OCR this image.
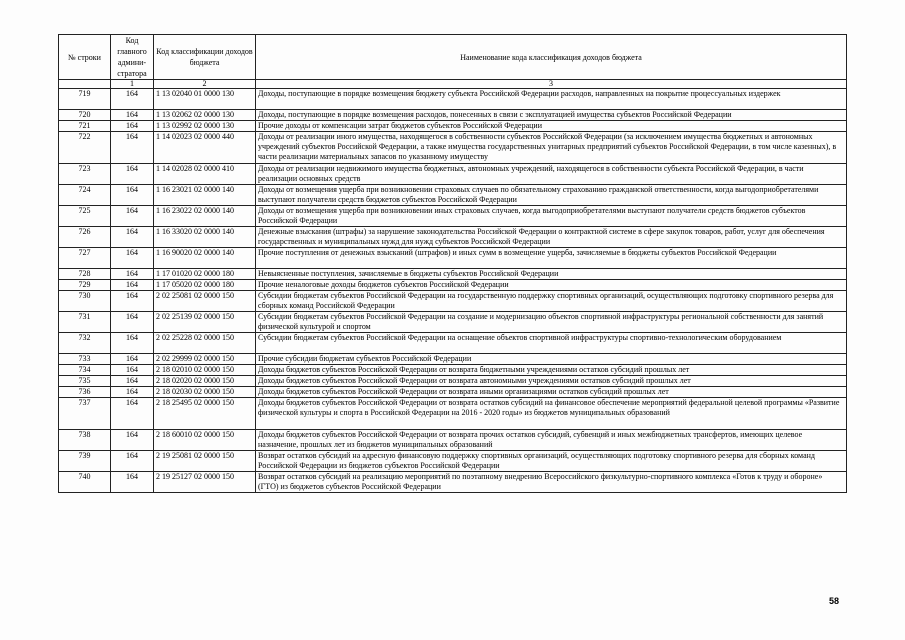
№ строки	Код главного админи-стратора	Код классификации доходов бюджета	Наименование кода классификация доходов бюджета
	1	2	3
719	164	1 13 02040 01 0000 130	Доходы, поступающие в порядке возмещения бюджету субъекта Российской Федерации расходов, направленных на покрытие процессуальных издержек
720	164	1 13 02062 02 0000 130	Доходы, поступающие в порядке возмещения расходов, понесенных в связи с эксплуатацией имущества субъектов Российской Федерации
721	164	1 13 02992 02 0000 130	Прочие доходы от компенсации затрат бюджетов субъектов Российской Федерации
722	164	1 14 02023 02 0000 440	Доходы от реализации иного имущества, находящегося в собственности субъектов Российской Федерации (за исключением имущества бюджетных и автономных учреждений субъектов Российской Федерации, а также имущества государственных унитарных предприятий субъектов Российской Федерации, в том числе казенных), в части реализации материальных запасов по указанному имуществу
723	164	1 14 02028 02 0000 410	Доходы от реализации недвижимого имущества бюджетных, автономных учреждений, находящегося в собственности субъекта Российской Федерации, в части реализации основных средств
724	164	1 16 23021 02 0000 140	Доходы от возмещения ущерба при возникновении страховых случаев по обязательному страхованию гражданской ответственности, когда выгодоприобретателями выступают получатели средств бюджетов субъектов Российской Федерации
725	164	1 16 23022 02 0000 140	Доходы от возмещения ущерба при возникновении иных страховых случаев, когда выгодоприобретателями выступают получатели средств бюджетов субъектов Российской Федерации
726	164	1 16 33020 02 0000 140	Денежные взыскания (штрафы) за нарушение законодательства Российской Федерации о контрактной системе в сфере закупок товаров, работ, услуг для обеспечения государственных и муниципальных нужд для нужд субъектов Российской Федерации
727	164	1 16 90020 02 0000 140	Прочие поступления от денежных взысканий (штрафов) и иных сумм в возмещение ущерба, зачисляемые в бюджеты субъектов Российской Федерации
728	164	1 17 01020 02 0000 180	Невыясненные поступления, зачисляемые в бюджеты субъектов Российской Федерации
729	164	1 17 05020 02 0000 180	Прочие неналоговые доходы бюджетов субъектов Российской Федерации
730	164	2 02 25081 02 0000 150	Субсидии бюджетам субъектов Российской Федерации на государственную поддержку спортивных организаций, осуществляющих подготовку спортивного резерва для сборных команд Российской Федерации
731	164	2 02 25139 02 0000 150	Субсидии бюджетам субъектов Российской Федерации на создание и модернизацию объектов спортивной инфраструктуры региональной собственности для занятий физической культурой и спортом
732	164	2 02 25228 02 0000 150	Субсидии бюджетам субъектов Российской Федерации на оснащение объектов спортивной инфраструктуры спортивно-технологическим оборудованием
733	164	2 02 29999 02 0000 150	Прочие субсидии бюджетам субъектов Российской Федерации
734	164	2 18 02010 02 0000 150	Доходы бюджетов субъектов Российской Федерации от возврата бюджетными учреждениями остатков субсидий прошлых лет
735	164	2 18 02020 02 0000 150	Доходы бюджетов субъектов Российской Федерации от возврата автономными учреждениями остатков субсидий прошлых лет
736	164	2 18 02030 02 0000 150	Доходы бюджетов субъектов Российской Федерации от возврата иными организациями остатков субсидий прошлых лет
737	164	2 18 25495 02 0000 150	Доходы бюджетов субъектов Российской Федерации от возврата остатков субсидий на финансовое обеспечение мероприятий федеральной целевой программы «Развитие физической культуры и спорта в Российской Федерации на 2016 - 2020 годы» из бюджетов муниципальных образований
738	164	2 18 60010 02 0000 150	Доходы бюджетов субъектов Российской Федерации от возврата прочих остатков субсидий, субвенций и иных межбюджетных трансфертов, имеющих целевое назначение, прошлых лет из бюджетов муниципальных образований
739	164	2 19 25081 02 0000 150	Возврат остатков субсидий на адресную финансовую поддержку спортивных организаций, осуществляющих подготовку спортивного резерва для сборных команд Российской Федерации из бюджетов субъектов Российской Федерации
740	164	2 19 25127 02 0000 150	Возврат остатков субсидий на реализацию мероприятий по поэтапному внедрению Всероссийского физкультурно-спортивного комплекса «Готов к труду и обороне» (ГТО) из бюджетов субъектов Российской Федерации
58
